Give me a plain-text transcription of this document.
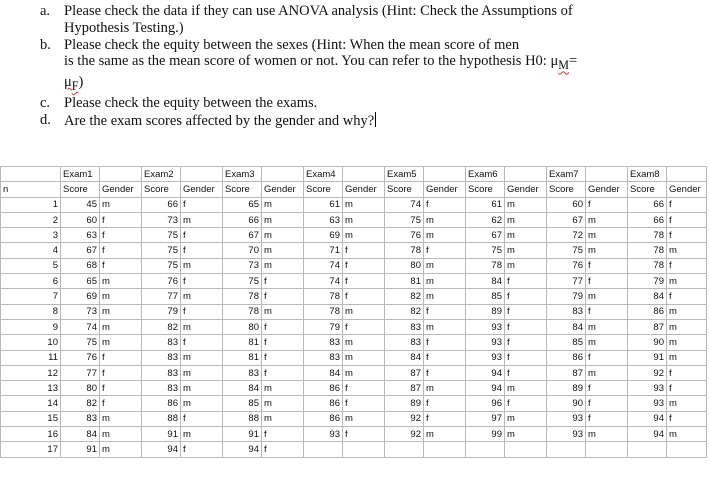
a. Please check the data if they can use ANOVA analysis (Hint: Check the Assumptions of
Hypothesis Testing.)
b. Please check the equity between the sexes (Hint: When the mean score of men
is the same as the mean score of women or not. You can refer to the hypothesis H0: $\mu_M=$
$\mu_F$)
c. Please check the equity between the exams.
d. Are the exam scores affected by the gender and why?
	Exam1		Exam2		Exam3		Exam4		Exam5		Exam6		Exam7		Exam8	
n	Score	Gender	Score	Gender	Score	Gender	Score	Gender	Score	Gender	Score	Gender	Score	Gender	Score	Gender
1	45	m	66	f	65	m	61	m	74	f	61	m	60	f	66	f
2	60	f	73	m	66	m	63	m	75	m	62	m	67	m	66	f
3	63	f	75	f	67	m	69	m	76	m	67	m	72	m	78	f
4	67	f	75	f	70	m	71	f	78	f	75	m	75	m	78	m
5	68	f	75	m	73	m	74	f	80	m	78	m	76	f	78	f
6	65	m	76	f	75	f	74	f	81	m	84	f	77	f	79	m
7	69	m	77	m	78	f	78	f	82	m	85	f	79	m	84	f
8	73	m	79	f	78	m	78	m	82	f	89	f	83	f	86	m
9	74	m	82	m	80	f	79	f	83	m	93	f	84	m	87	m
10	75	m	83	f	81	f	83	m	83	f	93	f	85	m	90	m
11	76	f	83	m	81	f	83	m	84	f	93	f	86	f	91	m
12	77	f	83	m	83	f	84	m	87	f	94	f	87	m	92	f
13	80	f	83	m	84	m	86	f	87	m	94	m	89	f	93	f
14	82	f	86	m	85	m	86	f	89	f	96	f	90	f	93	m
15	83	m	88	f	88	m	86	m	92	f	97	m	93	f	94	f
16	84	m	91	m	91	f	93	f	92	m	99	m	93	m	94	m
17	91	m	94	f	94	f										
